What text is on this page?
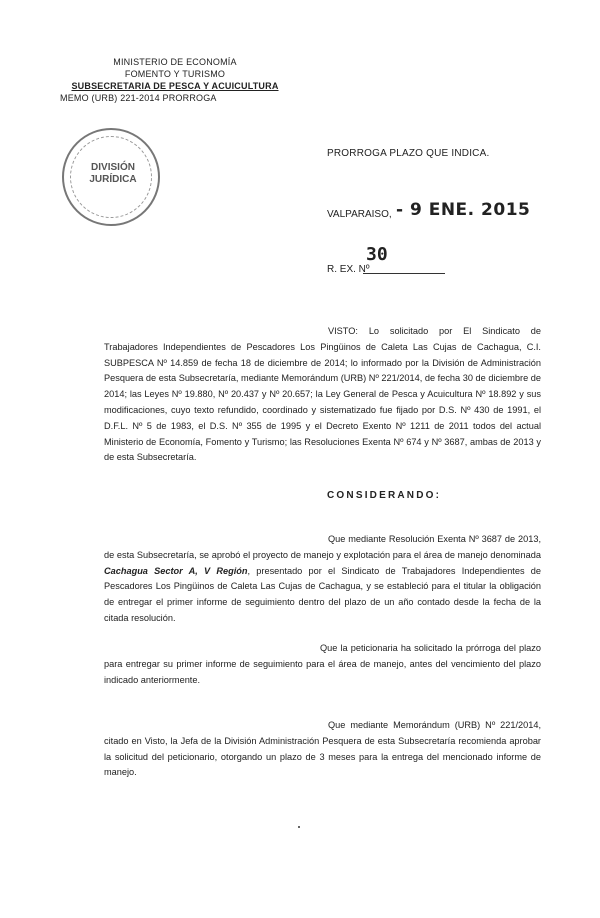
MINISTERIO DE ECONOMÍA
FOMENTO Y TURISMO
SUBSECRETARIA DE PESCA Y ACUICULTURA
MEMO (URB) 221-2014 PRORROGA
DIVISIÓN
JURÍDICA
PRORROGA PLAZO QUE INDICA.
VALPARAISO, - 9 ENE. 2015
R. EX. Nº
30
VISTO: Lo solicitado por El Sindicato de Trabajadores Independientes de Pescadores Los Pingüinos de Caleta Las Cujas de Cachagua, C.I. SUBPESCA Nº 14.859 de fecha 18 de diciembre de 2014; lo informado por la División de Administración Pesquera de esta Subsecretaría, mediante Memorándum (URB) Nº 221/2014, de fecha 30 de diciembre de 2014; las Leyes Nº 19.880, Nº 20.437 y Nº 20.657; la Ley General de Pesca y Acuicultura Nº 18.892 y sus modificaciones, cuyo texto refundido, coordinado y sistematizado fue fijado por D.S. Nº 430 de 1991, el D.F.L. Nº 5 de 1983, el D.S. Nº 355 de 1995 y el Decreto Exento Nº 1211 de 2011 todos del actual Ministerio de Economía, Fomento y Turismo; las Resoluciones Exenta Nº 674 y Nº 3687, ambas de 2013 y de esta Subsecretaría.
CONSIDERANDO:
Que mediante Resolución Exenta Nº 3687 de 2013, de esta Subsecretaría, se aprobó el proyecto de manejo y explotación para el área de manejo denominada Cachagua Sector A, V Región, presentado por el Sindicato de Trabajadores Independientes de Pescadores Los Pingüinos de Caleta Las Cujas de Cachagua, y se estableció para el titular la obligación de entregar el primer informe de seguimiento dentro del plazo de un año contado desde la fecha de la citada resolución.
Que la peticionaria ha solicitado la prórroga del plazo para entregar su primer informe de seguimiento para el área de manejo, antes del vencimiento del plazo indicado anteriormente.
Que mediante Memorándum (URB) Nº 221/2014, citado en Visto, la Jefa de la División Administración Pesquera de esta Subsecretaría recomienda aprobar la solicitud del peticionario, otorgando un plazo de 3 meses para la entrega del mencionado informe de manejo.
